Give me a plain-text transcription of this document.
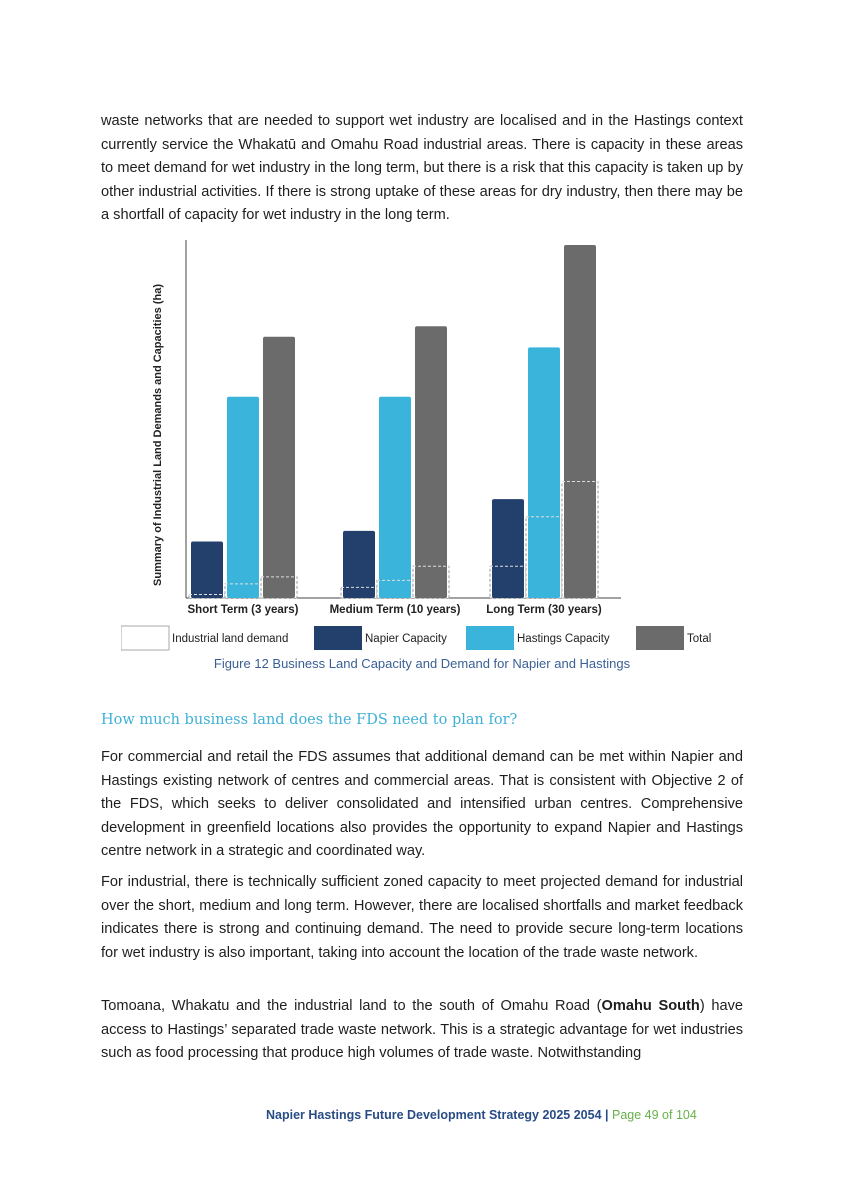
waste networks that are needed to support wet industry are localised and in the Hastings context currently service the Whakatū and Omahu Road industrial areas. There is capacity in these areas to meet demand for wet industry in the long term, but there is a risk that this capacity is taken up by other industrial activities. If there is strong uptake of these areas for dry industry, then there may be a shortfall of capacity for wet industry in the long term.

Summary of Industrial Land Demands and Capacities (ha)
Short Term (3 years)	Medium Term (10 years) Long Term (30 years)
Industrial land demand	Napier Capacity	Hastings Capacity	Total
Figure 12 Business Land Capacity and Demand for Napier and Hastings
How much business land does the FDS need to plan for?

For commercial and retail the FDS assumes that additional demand can be met within Napier and Hastings existing network of centres and commercial areas. That is consistent with Objective 2 of the FDS, which seeks to deliver consolidated and intensified urban centres. Comprehensive development in greenfield locations also provides the opportunity to expand Napier and Hastings centre network in a strategic and coordinated way.

For industrial, there is technically sufficient zoned capacity to meet projected demand for industrial over the short, medium and long term. However, there are localised shortfalls and market feedback indicates there is strong and continuing demand. The need to provide secure long-term locations for wet industry is also important, taking into account the location of the trade waste network.

Tomoana, Whakatu and the industrial land to the south of Omahu Road (Omahu South) have access to Hastings’ separated trade waste network. This is a strategic advantage for wet industries such as food processing that produce high volumes of trade waste. Notwithstanding

Napier Hastings Future Development Strategy 2025 2054 | Page 49 of 104
